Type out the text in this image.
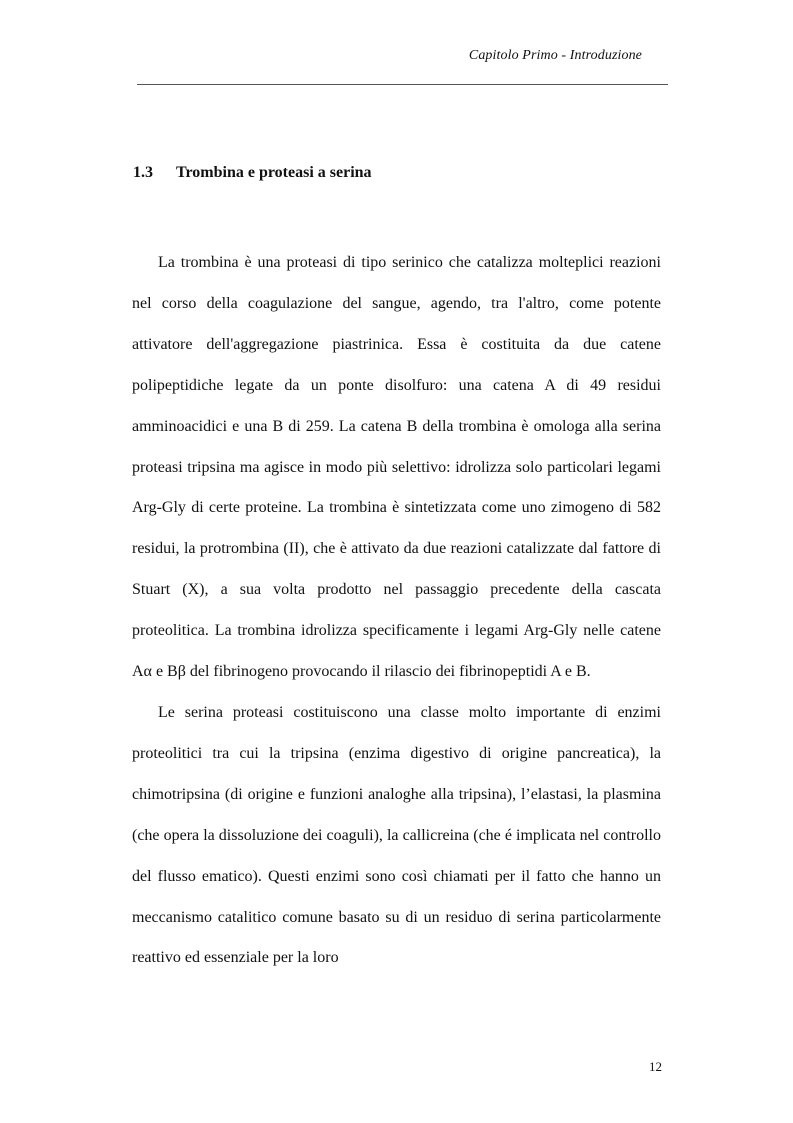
Capitolo Primo - Introduzione
1.3 Trombina e proteasi a serina

La trombina è una proteasi di tipo serinico che catalizza molteplici reazioni nel corso della coagulazione del sangue, agendo, tra l'altro, come potente attivatore dell'aggregazione piastrinica. Essa è costituita da due catene polipeptidiche legate da un ponte disolfuro: una catena A di 49 residui amminoacidici e una B di 259. La catena B della trombina è omologa alla serina proteasi tripsina ma agisce in modo più selettivo: idrolizza solo particolari legami Arg-Gly di certe proteine. La trombina è sintetizzata come uno zimogeno di 582 residui, la protrombina (II), che è attivato da due reazioni catalizzate dal fattore di Stuart (X), a sua volta prodotto nel passaggio precedente della cascata proteolitica. La trombina idrolizza specificamente i legami Arg-Gly nelle catene Aα e Bβ del fibrinogeno provocando il rilascio dei fibrinopeptidi A e B.

Le serina proteasi costituiscono una classe molto importante di enzimi proteolitici tra cui la tripsina (enzima digestivo di origine pancreatica), la chimotripsina (di origine e funzioni analoghe alla tripsina), l’elastasi, la plasmina (che opera la dissoluzione dei coaguli), la callicreina (che é implicata nel controllo del flusso ematico). Questi enzimi sono così chiamati per il fatto che hanno un meccanismo catalitico comune basato su di un residuo di serina particolarmente reattivo ed essenziale per la loro

12
